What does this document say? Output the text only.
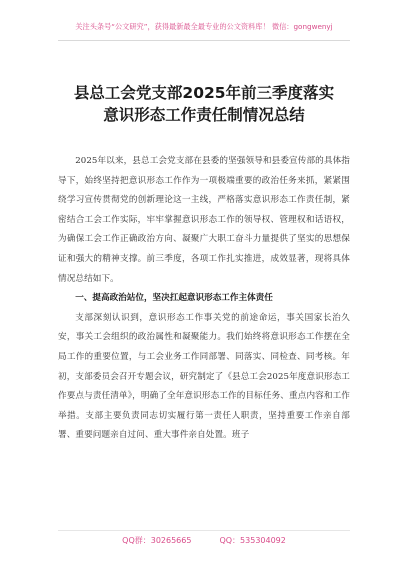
关注头条号“公文研究”，获得最新最全最专业的公文资料库！ 微信：gongwenyj
县总工会党支部2025年前三季度落实
意识形态工作责任制情况总结

2025年以来，县总工会党支部在县委的坚强领导和县委宣传部的具体指导下，始终坚持把意识形态工作作为一项极端重要的政治任务来抓，紧紧围绕学习宣传贯彻党的创新理论这一主线，严格落实意识形态工作责任制，紧密结合工会工作实际，牢牢掌握意识形态工作的领导权、管理权和话语权，为确保工会工作正确政治方向、凝聚广大职工奋斗力量提供了坚实的思想保证和强大的精神支撑。前三季度，各项工作扎实推进，成效显著，现将具体情况总结如下。

一、提高政治站位，坚决扛起意识形态工作主体责任

支部深刻认识到，意识形态工作事关党的前途命运，事关国家长治久安，事关工会组织的政治属性和凝聚能力。我们始终将意识形态工作摆在全局工作的重要位置，与工会业务工作同部署、同落实、同检查、同考核。年初，支部委员会召开专题会议，研究制定了《县总工会2025年度意识形态工作要点与责任清单》，明确了全年意识形态工作的目标任务、重点内容和工作举措。支部主要负责同志切实履行第一责任人职责，坚持重要工作亲自部署、重要问题亲自过问、重大事件亲自处置。班子

QQ群：30265665	QQ：535304092
